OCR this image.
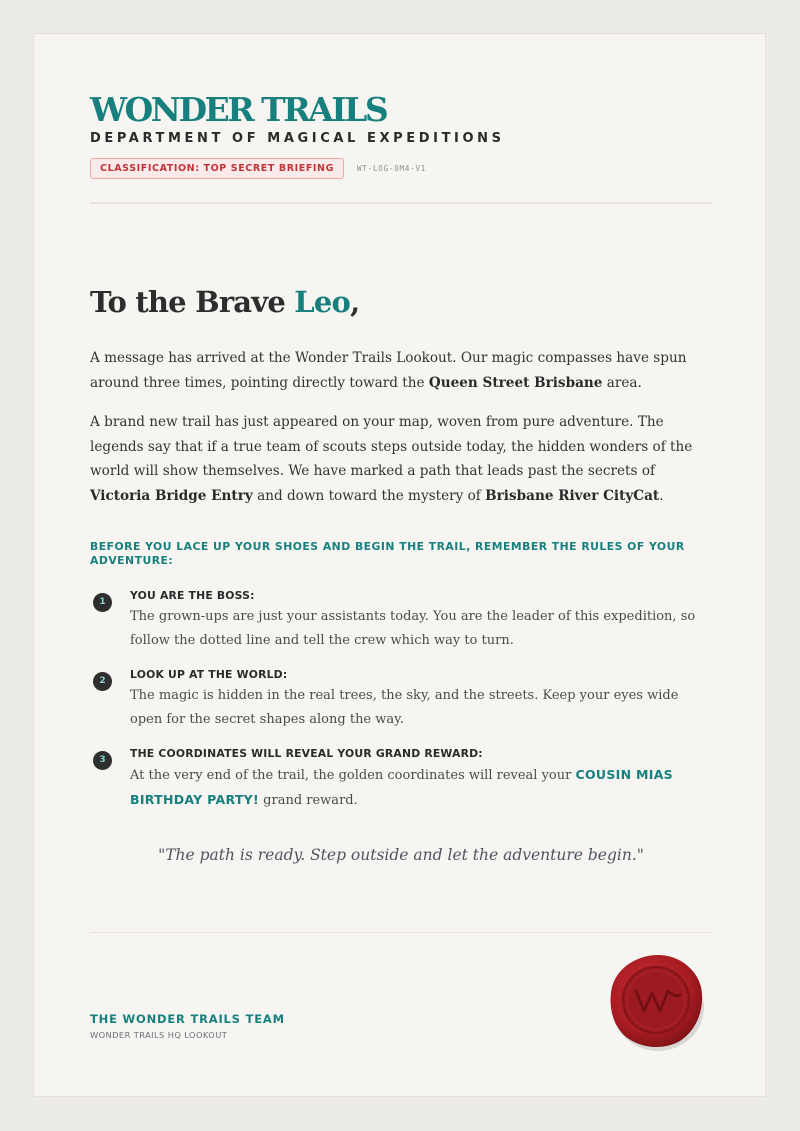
WONDER TRAILS
DEPARTMENT OF MAGICAL EXPEDITIONS
CLASSIFICATION: TOP SECRET BRIEFING	WT-LOG-0M4-V1
To the Brave Leo,
A message has arrived at the Wonder Trails Lookout. Our magic compasses have spun around three times, pointing directly toward the Queen Street Brisbane area.
A brand new trail has just appeared on your map, woven from pure adventure. The legends say that if a true team of scouts steps outside today, the hidden wonders of the world will show themselves. We have marked a path that leads past the secrets of Victoria Bridge Entry and down toward the mystery of Brisbane River CityCat.
BEFORE YOU LACE UP YOUR SHOES AND BEGIN THE TRAIL, REMEMBER THE RULES OF YOUR ADVENTURE:
1	YOU ARE THE BOSS:
The grown-ups are just your assistants today. You are the leader of this expedition, so follow the dotted line and tell the crew which way to turn.
2	LOOK UP AT THE WORLD:
The magic is hidden in the real trees, the sky, and the streets. Keep your eyes wide open for the secret shapes along the way.
3	THE COORDINATES WILL REVEAL YOUR GRAND REWARD:
At the very end of the trail, the golden coordinates will reveal your COUSIN MIAS BIRTHDAY PARTY! grand reward.
"The path is ready. Step outside and let the adventure begin."
THE WONDER TRAILS TEAM
WONDER TRAILS HQ LOOKOUT
